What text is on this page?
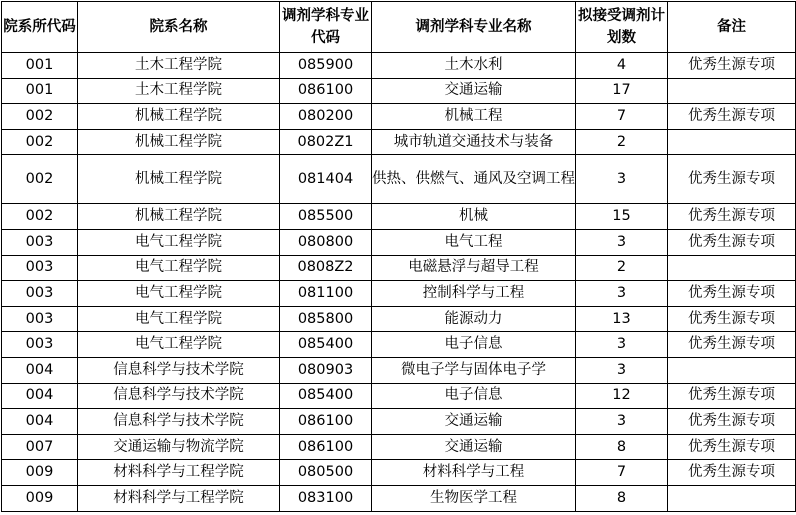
院系所代码	院系名称	调剂学科专业代码	调剂学科专业名称	拟接受调剂计划数	备注
001	土木工程学院	085900	土木水利	4	优秀生源专项
001	土木工程学院	086100	交通运输	17	
002	机械工程学院	080200	机械工程	7	优秀生源专项
002	机械工程学院	0802Z1	城市轨道交通技术与装备	2	
002	机械工程学院	081404	供热、供燃气、通风及空调工程	3	优秀生源专项
002	机械工程学院	085500	机械	15	优秀生源专项
003	电气工程学院	080800	电气工程	3	优秀生源专项
003	电气工程学院	0808Z2	电磁悬浮与超导工程	2	
003	电气工程学院	081100	控制科学与工程	3	优秀生源专项
003	电气工程学院	085800	能源动力	13	优秀生源专项
003	电气工程学院	085400	电子信息	3	优秀生源专项
004	信息科学与技术学院	080903	微电子学与固体电子学	3	
004	信息科学与技术学院	085400	电子信息	12	优秀生源专项
004	信息科学与技术学院	086100	交通运输	3	优秀生源专项
007	交通运输与物流学院	086100	交通运输	8	优秀生源专项
009	材料科学与工程学院	080500	材料科学与工程	7	优秀生源专项
009	材料科学与工程学院	083100	生物医学工程	8	
